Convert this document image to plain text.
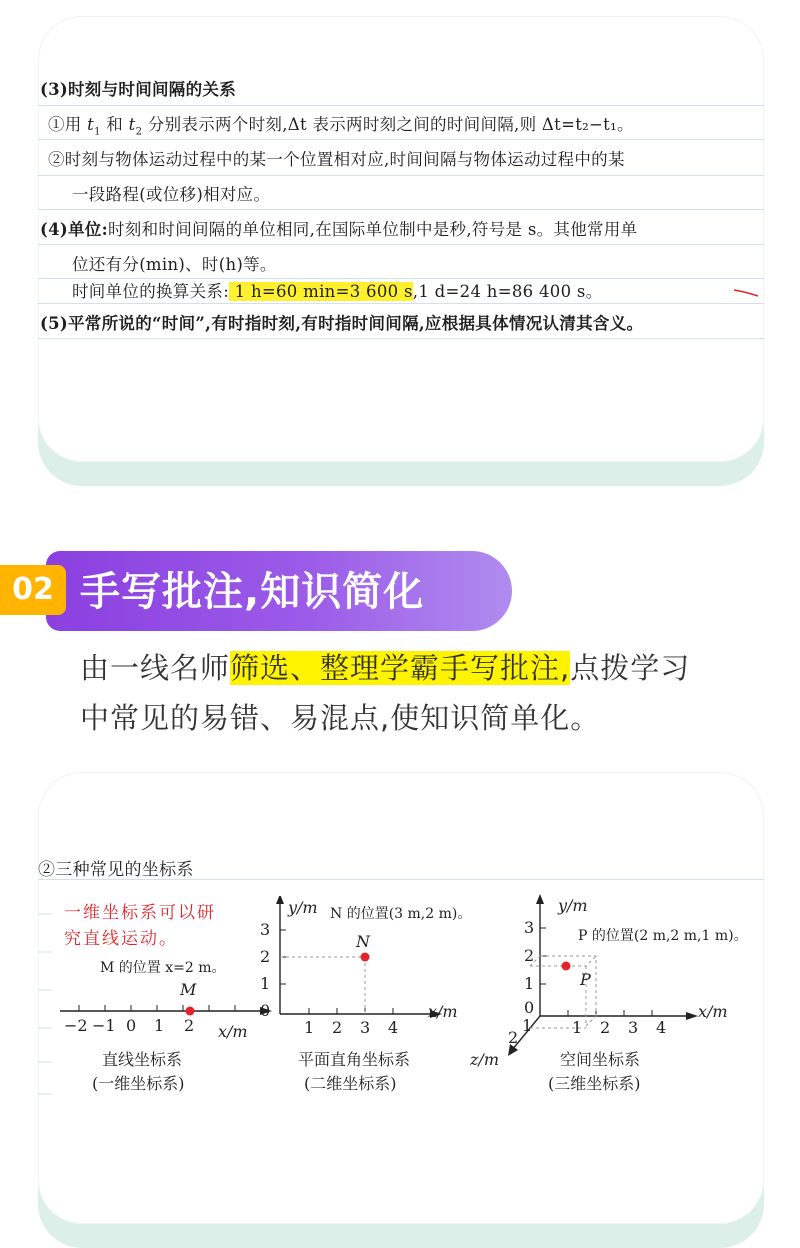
(3)时刻与时间间隔的关系
①用 $t_1$ 和 $t_2$ 分别表示两个时刻,Δt 表示两时刻之间的时间间隔,则 Δt=t₂−t₁。
②时刻与物体运动过程中的某一个位置相对应,时间间隔与物体运动过程中的某
一段路程(或位移)相对应。
(4)单位:时刻和时间间隔的单位相同,在国际单位制中是秒,符号是 s。其他常用单
位还有分(min)、时(h)等。
时间单位的换算关系: 1 h=60 min=3 600 s,1 d=24 h=86 400 s。
(5)平常所说的“时间”,有时指时刻,有时指时间间隔,应根据具体情况认清其含义。
02 手写批注,知识简化
由一线名师筛选、整理学霸手写批注,点拨学习
中常见的易错、易混点,使知识简单化。
②三种常见的坐标系
一维坐标系可以研
究直线运动。
M 的位置 x=2 m。
M
−2 −1 0 1 2 x/m
直线坐标系
(一维坐标系)
y/m N 的位置(3 m,2 m)。
N
3
2
1
0
1 2 3 4
x/m
平面直角坐标系
(二维坐标系)
y/m
P 的位置(2 m,2 m,1 m)。
P
3
2
1
0
1 2 3 4
1
2
x/m
z/m	空间坐标系
(三维坐标系)
